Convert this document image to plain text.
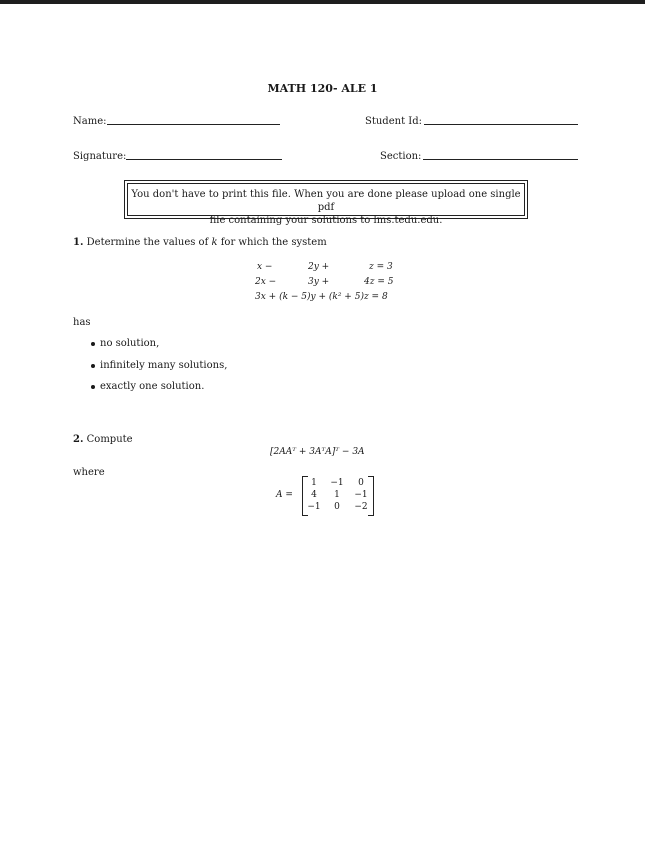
MATH 120- ALE 1
Name:	Student Id:
Signature:	Section:
You don't have to print this file. When you are done please upload one single pdf
file containing your solutions to lms.tedu.edu.
1. Determine the values of k for which the system
x −	2y +	z = 3
2x −	3y +	4z = 5
3x + (k − 5)y + (k² + 5)z = 8
has
no solution,
infinitely many solutions,
exactly one solution.
2. Compute
[2AAᵀ + 3AᵀA]ᵀ − 3A
where
A =
1	−1	0
4	1	−1
−1	0	−2
